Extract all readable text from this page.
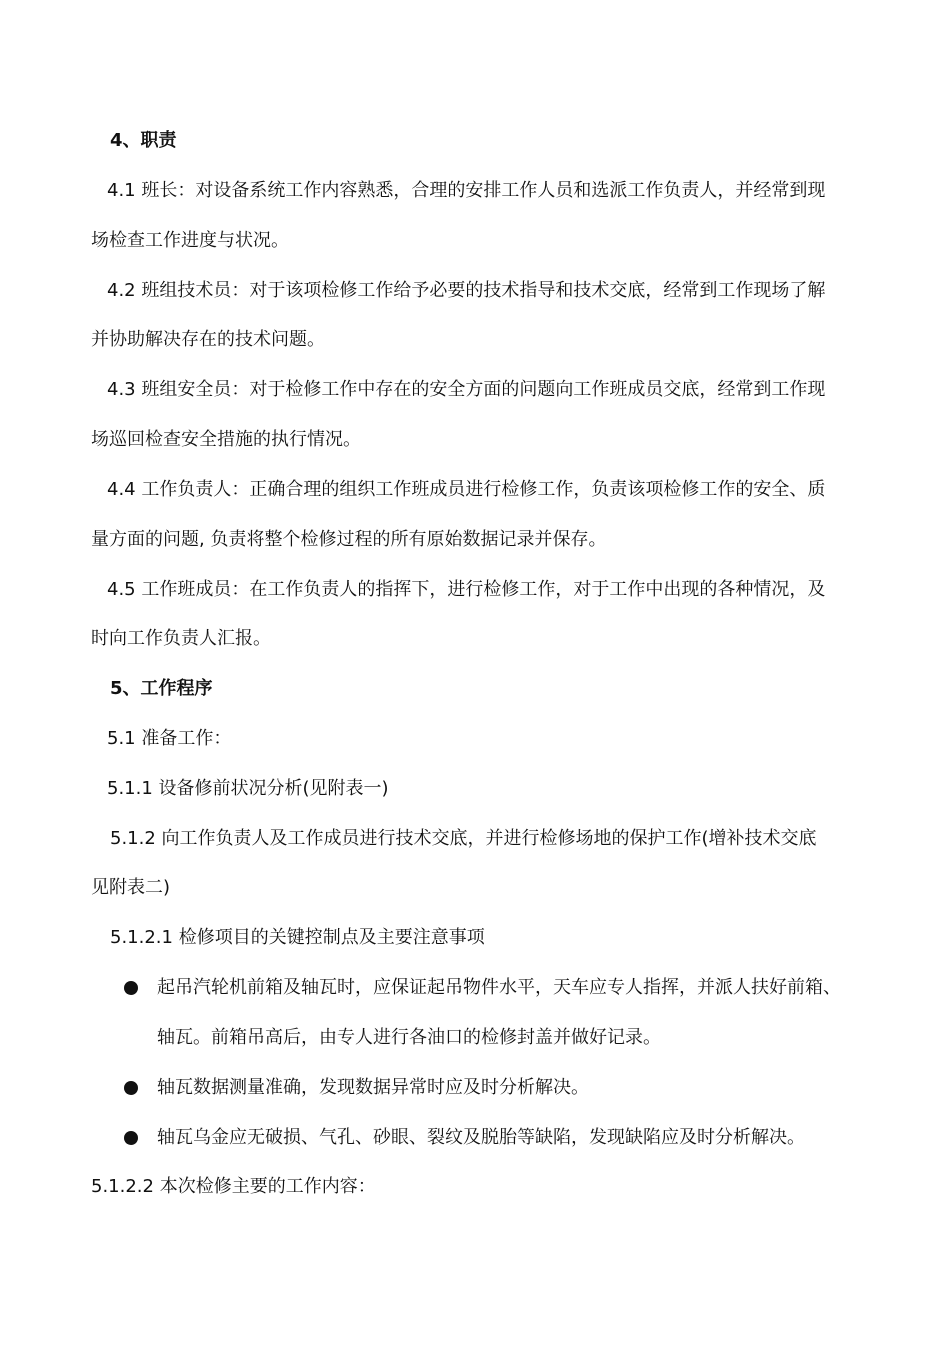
4、职责
4.1 班长：对设备系统工作内容熟悉，合理的安排工作人员和选派工作负责人，并经常到现
场检查工作进度与状况。
4.2 班组技术员：对于该项检修工作给予必要的技术指导和技术交底，经常到工作现场了解
并协助解决存在的技术问题。
4.3 班组安全员：对于检修工作中存在的安全方面的问题向工作班成员交底，经常到工作现
场巡回检查安全措施的执行情况。
4.4 工作负责人：正确合理的组织工作班成员进行检修工作，负责该项检修工作的安全、质
量方面的问题, 负责将整个检修过程的所有原始数据记录并保存。
4.5 工作班成员：在工作负责人的指挥下，进行检修工作，对于工作中出现的各种情况，及
时向工作负责人汇报。
5、工作程序
5.1 准备工作：
5.1.1 设备修前状况分析(见附表一)
5.1.2 向工作负责人及工作成员进行技术交底，并进行检修场地的保护工作(增补技术交底
见附表二)
5.1.2.1 检修项目的关键控制点及主要注意事项
起吊汽轮机前箱及轴瓦时，应保证起吊物件水平，天车应专人指挥，并派人扶好前箱、
轴瓦。前箱吊高后，由专人进行各油口的检修封盖并做好记录。
轴瓦数据测量准确，发现数据异常时应及时分析解决。
轴瓦乌金应无破损、气孔、砂眼、裂纹及脱胎等缺陷，发现缺陷应及时分析解决。
5.1.2.2 本次检修主要的工作内容：
